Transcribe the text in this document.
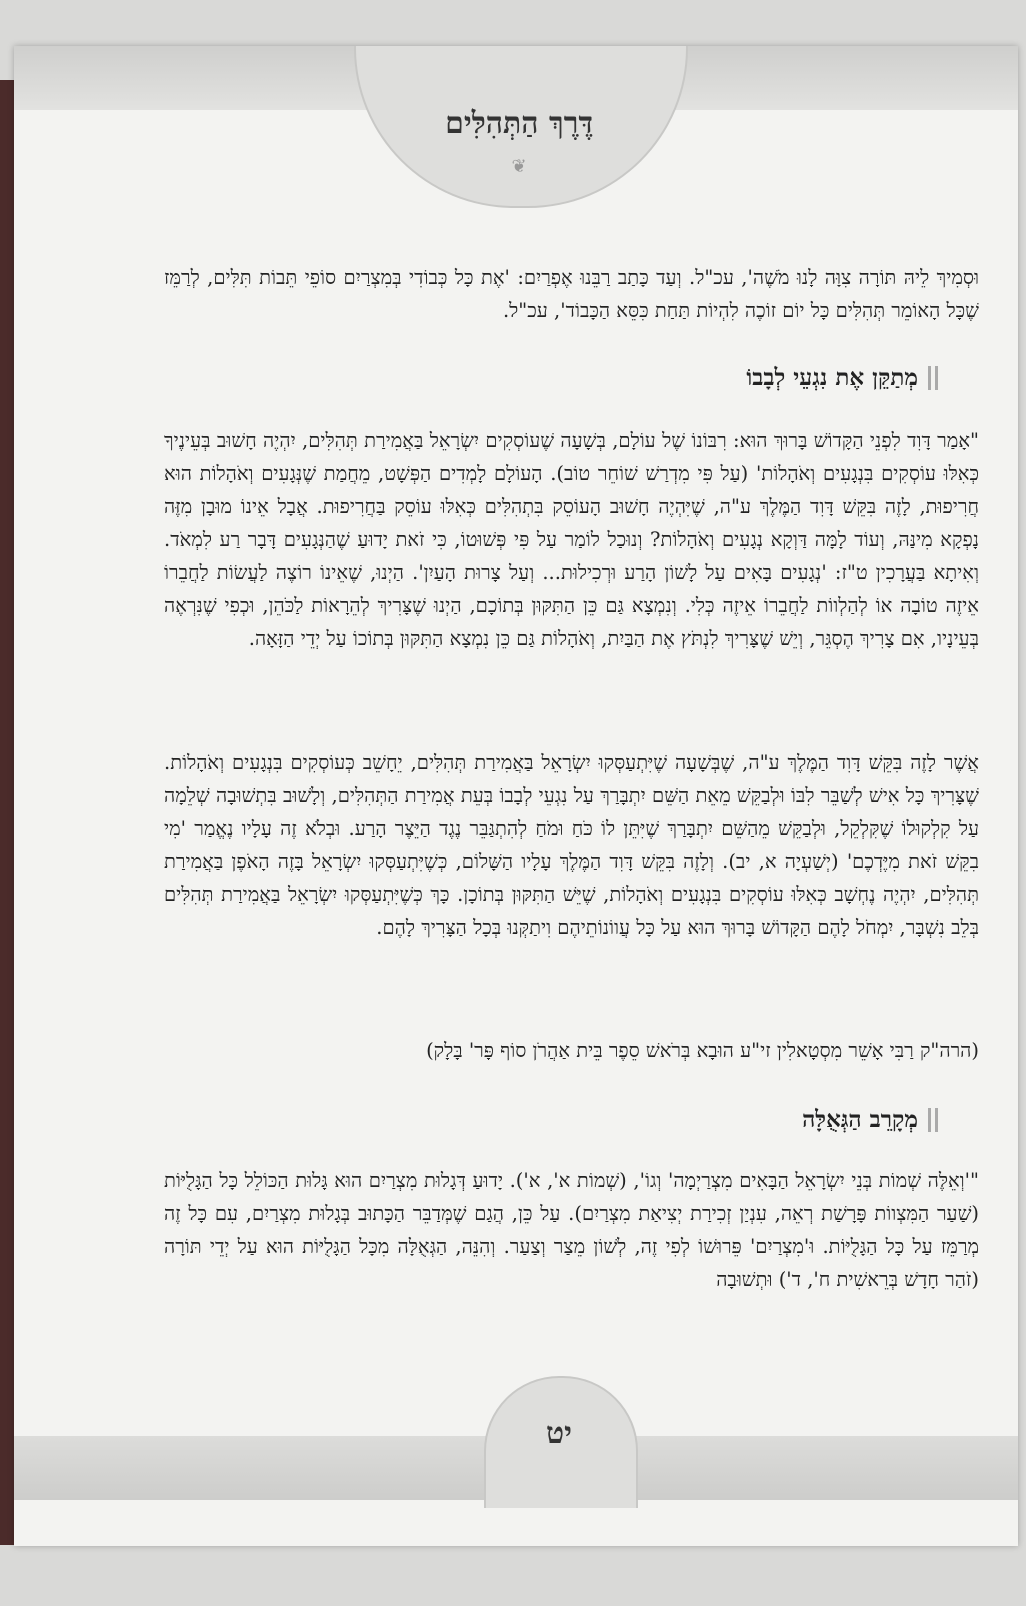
דֶּרֶךְ הַתְּהִלִּים
❦
וּסְמִיךְ לֵיהּ תּוֹרָה צִוָּה לָנוּ מֹשֶׁה', עכ"ל. וְעַד כָּתַב רַבֵּנוּ אֶפְרַיִם: 'אֶת כָּל כְּבוֹדִי בְּמִצְרַיִם סוֹפֵי תֵּבוֹת תִּלִּים, לְרַמֵּז שֶׁכָּל הָאוֹמֵר תְּהִלִּים כָּל יוֹם זוֹכֶה לִהְיוֹת תַּחַת כִּסֵּא הַכָּבוֹד', עכ"ל.
מְתַקֵּן אֶת נִגְעֵי לְבָבוֹ
"אָמַר דָּוִד לִפְנֵי הַקָּדוֹשׁ בָּרוּךְ הוּא: רִבּוֹנוֹ שֶׁל עוֹלָם, בְּשָׁעָה שֶׁעוֹסְקִים יִשְׂרָאֵל בַּאֲמִירַת תְּהִלִּים, יִהְיֶה חָשׁוּב בְּעֵינֶיךָ כְּאִלּוּ עוֹסְקִים בִּנְגָעִים וְאֹהָלוֹת' (עַל פִּי מִדְרַשׁ שׁוֹחֵר טוֹב). הָעוֹלָם לָמְדִים הַפְּשָׁט, מֵחֲמַת שֶׁנְּגָעִים וְאֹהָלוֹת הוּא חֲרִיפוּת, לָזֶה בִּקֵּשׁ דָּוִד הַמֶּלֶךְ ע"ה, שֶׁיִּהְיֶה חָשׁוּב הָעוֹסֵק בִּתְהִלִּים כְּאִלּוּ עוֹסֵק בַּחֲרִיפוּת. אֲבָל אֵינוֹ מוּבָן מִזֶּה נָפְקָא מִינַּהּ, וְעוֹד לָמָּה דַּוְקָא נְגָעִים וְאֹהָלוֹת? וְנוּכַל לוֹמַר עַל פִּי פְּשׁוּטוֹ, כִּי זֹאת יָדוּעַ שֶׁהַנְּגָעִים דָּבָר רַע לִמְאֹד. וְאִיתָא בַּעֲרָכִין ט"ז: 'נְגָעִים בָּאִים עַל לָשׁוֹן הָרַע וּרְכִילוּת... וְעַל צָרוּת הָעַיִן'. הַיְנוּ, שֶׁאֵינוֹ רוֹצֶה לַעֲשׂוֹת לַחֲבֵרוֹ אֵיזֶה טוֹבָה אוֹ לְהַלְווֹת לַחֲבֵרוֹ אֵיזֶה כְּלִי. וְנִמְצָא גַּם כֵּן הַתִּקּוּן בְּתוֹכָם, הַיְנוּ שֶׁצָּרִיךְ לְהֵרָאוֹת לַכֹּהֵן, וּכְפִי שֶׁנִּרְאֶה בְּעֵינָיו, אִם צָרִיךְ הֶסְגֵּר, וְיֵשׁ שֶׁצָּרִיךְ לִנְתֹּץ אֶת הַבַּיִת, וְאֹהָלוֹת גַּם כֵּן נִמְצָא הַתִּקּוּן בְּתוֹכוֹ עַל יְדֵי הַזָּאָה.
אֲשֶׁר לָזֶה בִּקֵּשׁ דָּוִד הַמֶּלֶךְ ע"ה, שֶׁבְּשָׁעָה שֶׁיִּתְעַסְּקוּ יִשְׂרָאֵל בַּאֲמִירַת תְּהִלִּים, יֵחָשֵׁב כְּעוֹסְקִים בִּנְגָעִים וְאֹהָלוֹת. שֶׁצָּרִיךְ כָּל אִישׁ לְשַׁבֵּר לִבּוֹ וּלְבַקֵּשׁ מֵאֵת הַשֵּׁם יִתְבָּרַךְ עַל נִגְעֵי לְבָבוֹ בְּעֵת אֲמִירַת הַתְּהִלִּים, וְלָשׁוּב בִּתְשׁוּבָה שְׁלֵמָה עַל קִלְקוּלוֹ שֶׁקִּלְקֵל, וּלְבַקֵּשׁ מֵהַשֵּׁם יִתְבָּרַךְ שֶׁיִּתֵּן לוֹ כֹּחַ וּמֹחַ לְהִתְגַּבֵּר נֶגֶד הַיֵּצֶר הָרַע. וּבְלֹא זֶה עָלָיו נֶאֱמַר 'מִי בִקֵּשׁ זֹאת מִיֶּדְכֶם' (יְשַׁעְיָה א, יב). וְלָזֶה בִּקֵּשׁ דָּוִד הַמֶּלֶךְ עָלָיו הַשָּׁלוֹם, כְּשֶׁיִּתְעַסְּקוּ יִשְׂרָאֵל בָּזֶה הָאֹפֶן בַּאֲמִירַת תְּהִלִּים, יִהְיֶה נֶחְשָׁב כְּאִלּוּ עוֹסְקִים בִּנְגָעִים וְאֹהָלוֹת, שֶׁיֵּשׁ הַתִּקּוּן בְּתוֹכָן. כָּךְ כְּשֶׁיִּתְעַסְּקוּ יִשְׂרָאֵל בַּאֲמִירַת תְּהִלִּים בְּלֵב נִשְׁבָּר, יִמְחֹל לָהֶם הַקָּדוֹשׁ בָּרוּךְ הוּא עַל כָּל עֲווֹנוֹתֵיהֶם וִיתַקְּנוּ בְּכָל הַצָּרִיךְ לָהֶם.
(הרה"ק רַבִּי אָשֵׁר מִסְטָאלִין זי"ע הוּבָא בְּרֹאשׁ סֵפֶר בֵּית אַהֲרֹן סוֹף פָּר' בָּלָק)
מְקָרֵב הַגְּאֻלָּה
"'וְאֵלֶּה שְׁמוֹת בְּנֵי יִשְׂרָאֵל הַבָּאִים מִצְרַיְמָה' וְגוֹ', (שְׁמוֹת א', א'). יָדוּעַ דְּגָלוּת מִצְרַיִם הוּא גָּלוּת הַכּוֹלֵל כָּל הַגָּלֻיּוֹת (שַׁעַר הַמִּצְווֹת פָּרָשַׁת רְאֵה, עִנְיַן זְכִירַת יְצִיאַת מִצְרַיִם). עַל כֵּן, הֲגַם שֶׁמְּדַבֵּר הַכָּתוּב בְּגָלוּת מִצְרַיִם, עִם כָּל זֶה מְרַמֵּז עַל כָּל הַגָּלֻיּוֹת. וּ'מִצְרַיִם' פֵּרוּשׁוֹ לְפִי זֶה, לְשׁוֹן מֵצַר וְצַעַר. וְהִנֵּה, הַגְּאֻלָּה מִכָּל הַגָּלֻיּוֹת הוּא עַל יְדֵי תּוֹרָה (זֹהַר חָדָשׁ בְּרֵאשִׁית ח', ד') וּתְשׁוּבָה
יט
